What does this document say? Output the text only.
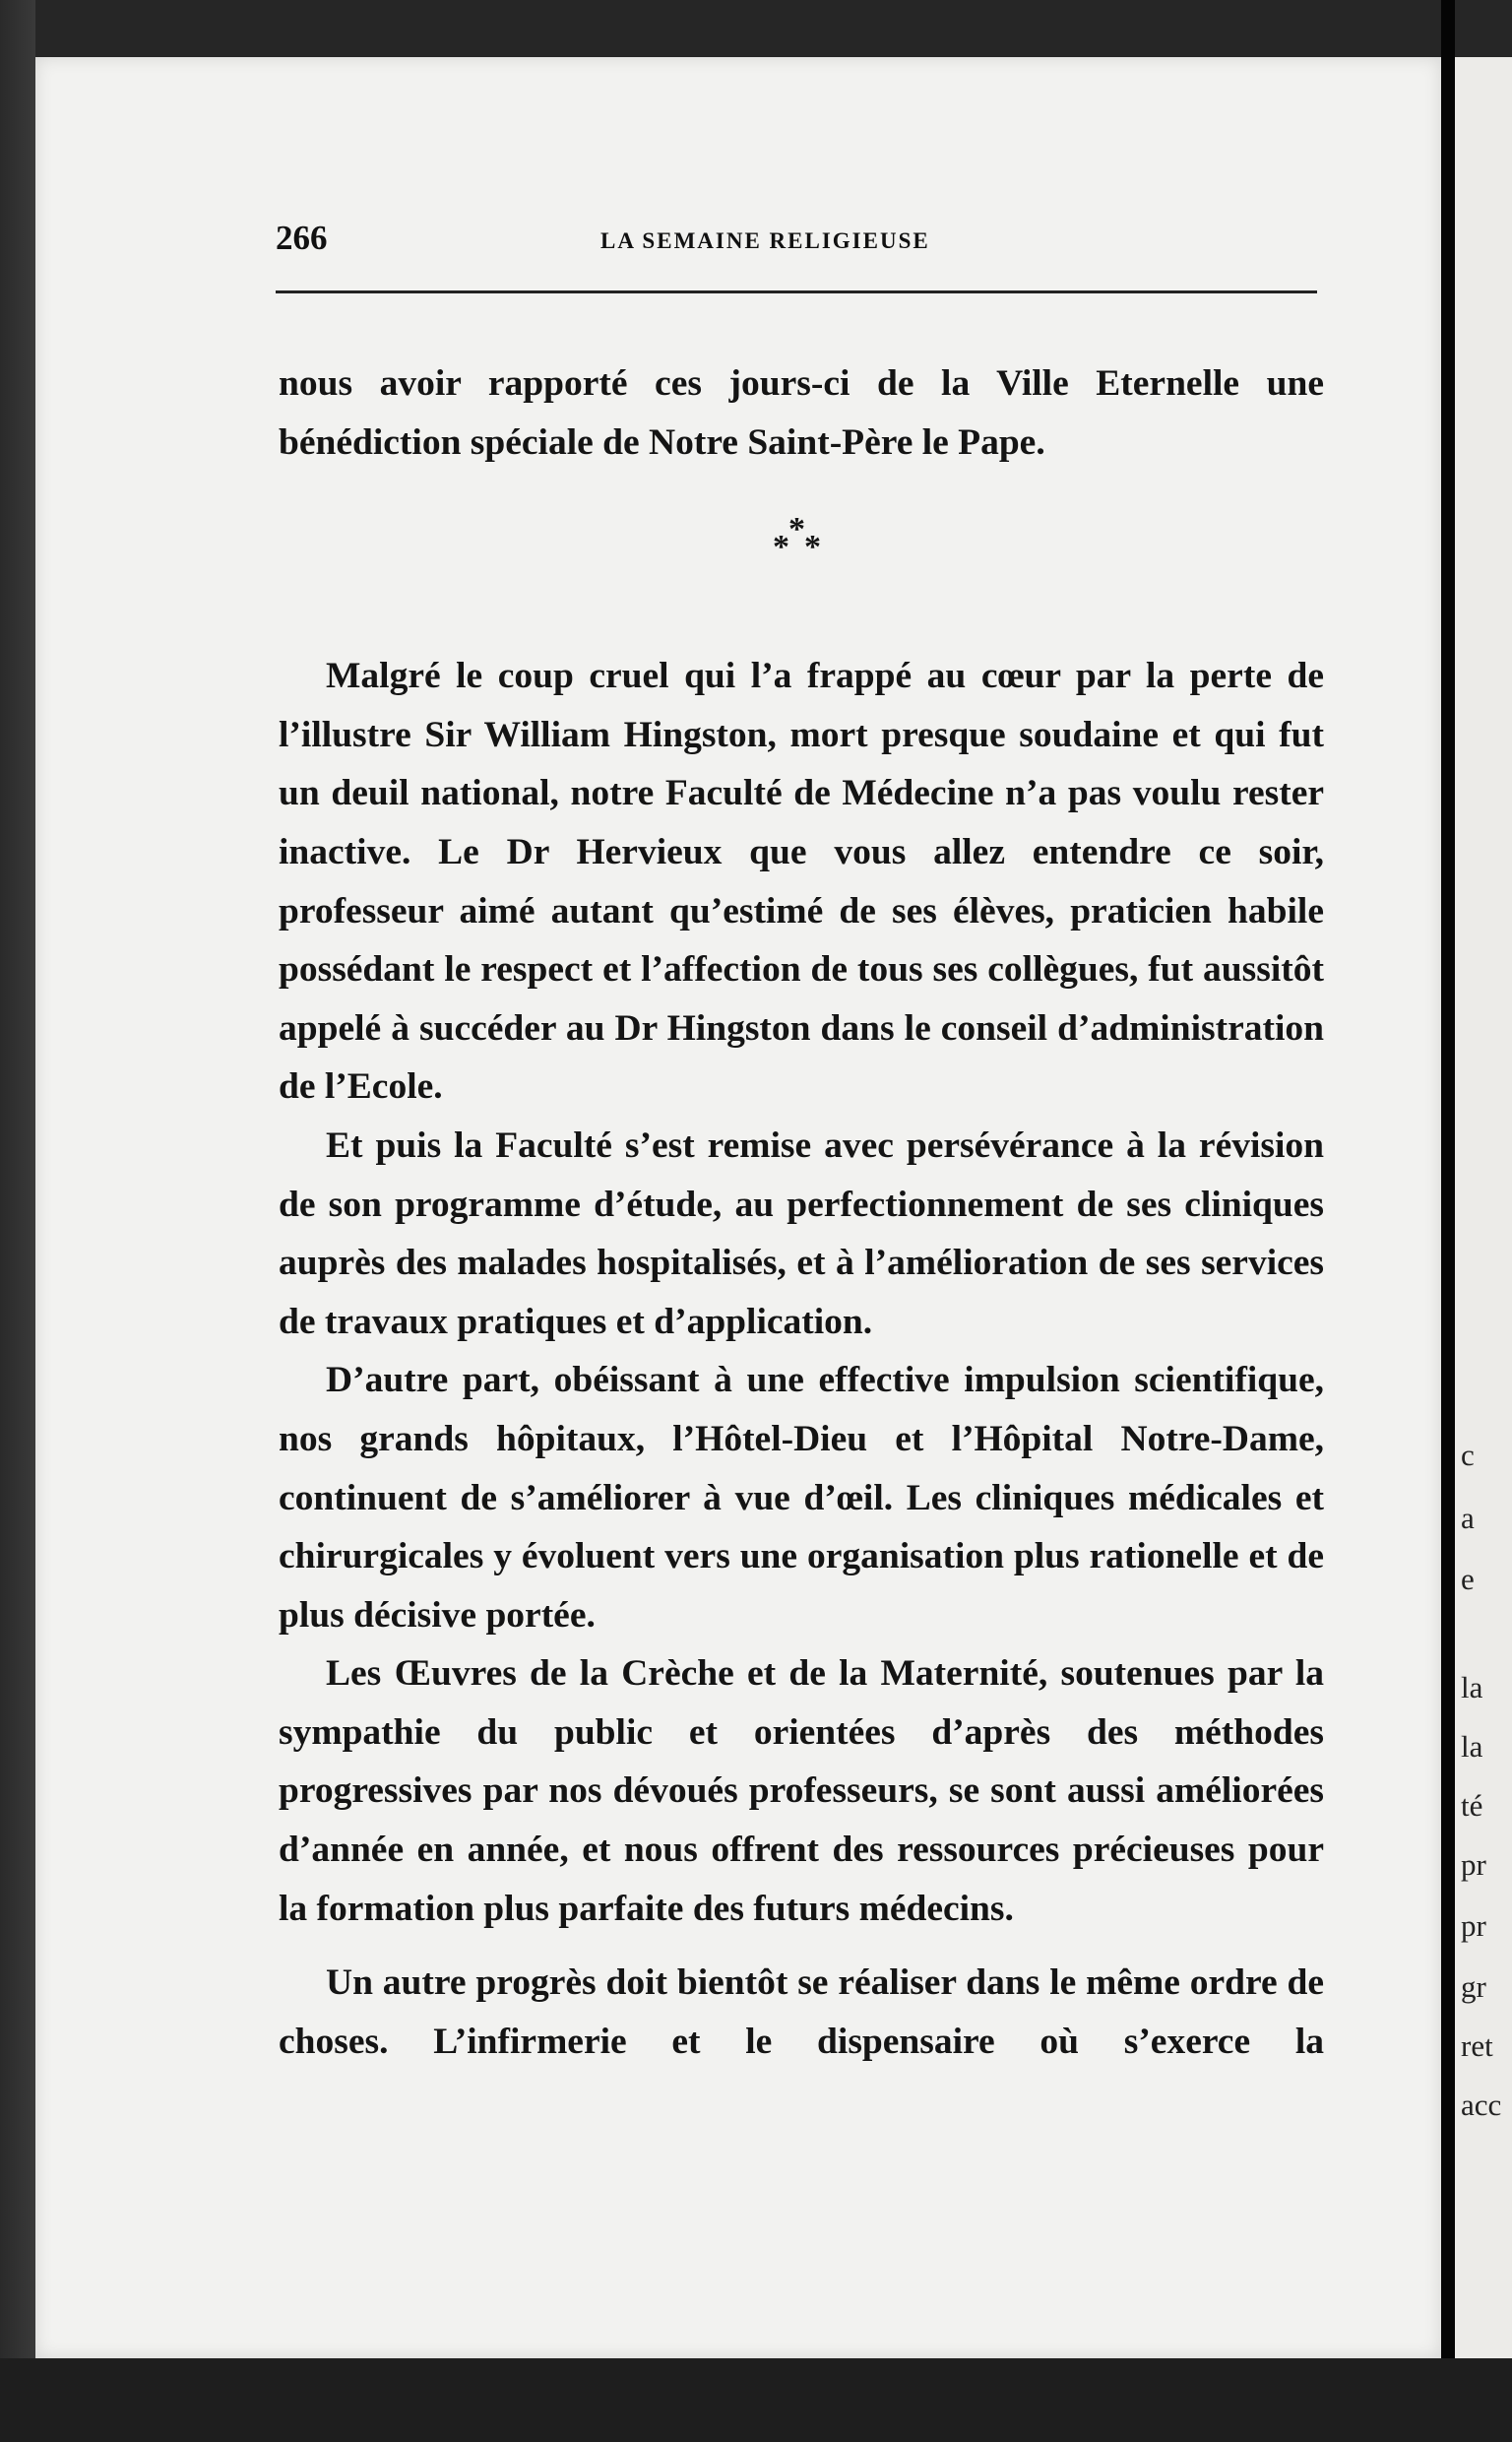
266	LA SEMAINE RELIGIEUSE

nous avoir rapporté ces jours-ci de la Ville Eternelle une bénédiction spéciale de Notre Saint-Père le Pape.

*
* *

Malgré le coup cruel qui l’a frappé au cœur par la perte de l’illustre Sir William Hingston, mort presque soudaine et qui fut un deuil national, notre Faculté de Médecine n’a pas voulu rester inactive. Le Dr Hervieux que vous allez entendre ce soir, professeur aimé autant qu’estimé de ses élèves, praticien habile possédant le respect et l’affection de tous ses collègues, fut aussitôt appelé à succéder au Dr Hingston dans le conseil d’administration de l’Ecole.

Et puis la Faculté s’est remise avec persévérance à la révision de son programme d’étude, au perfectionnement de ses cliniques auprès des malades hospitalisés, et à l’amélioration de ses services de travaux pratiques et d’application.

D’autre part, obéissant à une effective impulsion scientifique, nos grands hôpitaux, l’Hôtel-Dieu et l’Hôpital Notre-Dame, continuent de s’améliorer à vue d’œil. Les cliniques médicales et chirurgicales y évoluent vers une organisation plus rationelle et de plus décisive portée.

Les Œuvres de la Crèche et de la Maternité, soutenues par la sympathie du public et orientées d’après des méthodes progressives par nos dévoués professeurs, se sont aussi améliorées d’année en année, et nous offrent des ressources précieuses pour la formation plus parfaite des futurs médecins.

Un autre progrès doit bientôt se réaliser dans le même ordre de choses. L’infirmerie et le dispensaire où s’exerce la

c
a
e
la
la
té
pr
pr
gr
ret
acc
